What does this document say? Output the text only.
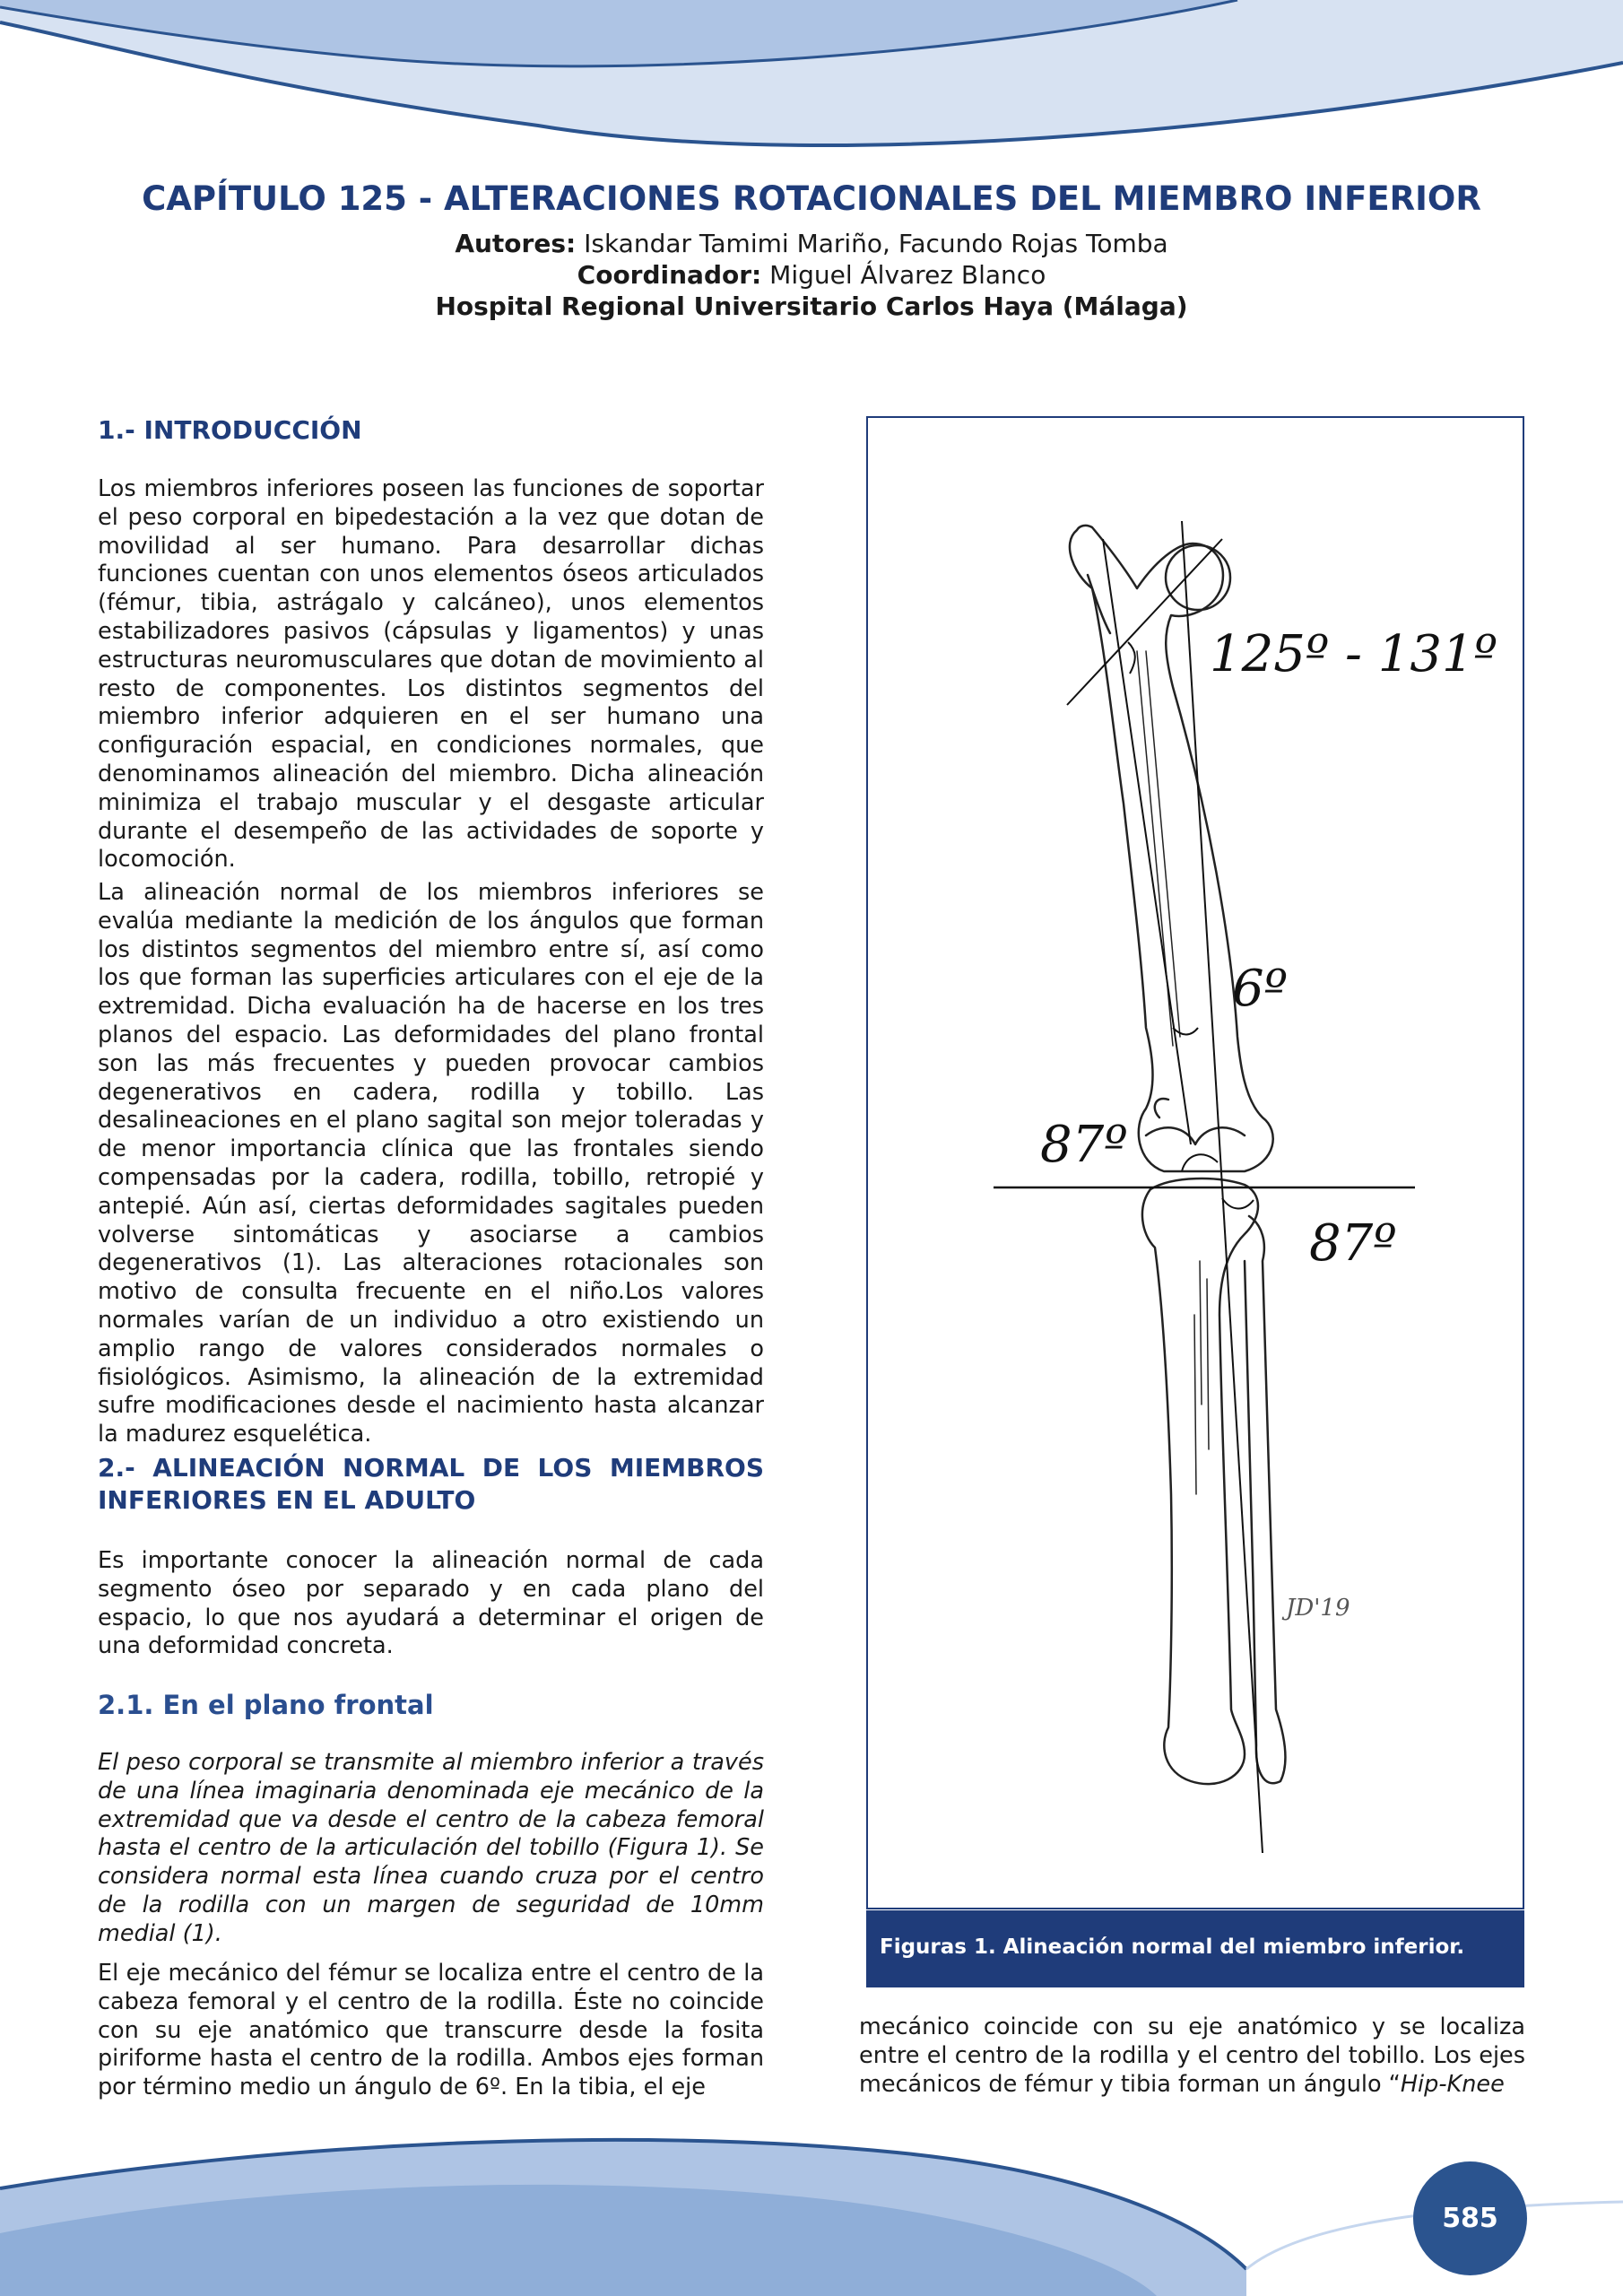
CAPÍTULO 125 - ALTERACIONES ROTACIONALES DEL MIEMBRO INFERIOR
Autores: Iskandar Tamimi Mariño, Facundo Rojas Tomba
Coordinador: Miguel Álvarez Blanco
Hospital Regional Universitario Carlos Haya (Málaga)
1.- INTRODUCCIÓN

Los miembros inferiores poseen las funciones de soportar el peso corporal en bipedestación a la vez que dotan de movilidad al ser humano. Para desarrollar dichas funciones cuentan con unos elementos óseos articulados (fémur, tibia, astrágalo y calcáneo), unos elementos estabilizadores pasivos (cápsulas y ligamentos) y unas estructuras neuromusculares que dotan de movimiento al resto de componentes. Los distintos segmentos del miembro inferior adquieren en el ser humano una configuración espacial, en condiciones normales, que denominamos alineación del miembro. Dicha alineación minimiza el trabajo muscular y el desgaste articular durante el desempeño de las actividades de soporte y locomoción.

La alineación normal de los miembros inferiores se evalúa mediante la medición de los ángulos que forman los distintos segmentos del miembro entre sí, así como los que forman las superficies articulares con el eje de la extremidad. Dicha evaluación ha de hacerse en los tres planos del espacio. Las deformidades del plano frontal son las más frecuentes y pueden provocar cambios degenerativos en cadera, rodilla y tobillo. Las desalineaciones en el plano sagital son mejor toleradas y de menor importancia clínica que las frontales siendo compensadas por la cadera, rodilla, tobillo, retropié y antepié. Aún así, ciertas deformidades sagitales pueden volverse sintomáticas y asociarse a cambios degenerativos (1). Las alteraciones rotacionales son motivo de consulta frecuente en el niño.Los valores normales varían de un individuo a otro existiendo un amplio rango de valores considerados normales o fisiológicos. Asimismo, la alineación de la extremidad sufre modificaciones desde el nacimiento hasta alcanzar la madurez esquelética.

2.- ALINEACIÓN NORMAL DE LOS MIEMBROS INFERIORES EN EL ADULTO

Es importante conocer la alineación normal de cada segmento óseo por separado y en cada plano del espacio, lo que nos ayudará a determinar el origen de una deformidad concreta.

2.1. En el plano frontal

El peso corporal se transmite al miembro inferior a través de una línea imaginaria denominada eje mecánico de la extremidad que va desde el centro de la cabeza femoral hasta el centro de la articulación del tobillo (Figura 1). Se considera normal esta línea cuando cruza por el centro de la rodilla con un margen de seguridad de 10mm medial (1).

El eje mecánico del fémur se localiza entre el centro de la cabeza femoral y el centro de la rodilla. Éste no coincide con su eje anatómico que transcurre desde la fosita piriforme hasta el centro de la rodilla. Ambos ejes forman por término medio un ángulo de 6º. En la tibia, el eje

125º - 131º
6º
87º
87º
JD'19
Figuras 1. Alineación normal del miembro inferior.

mecánico coincide con su eje anatómico y se localiza entre el centro de la rodilla y el centro del tobillo. Los ejes mecánicos de fémur y tibia forman un ángulo “Hip-Knee

585
